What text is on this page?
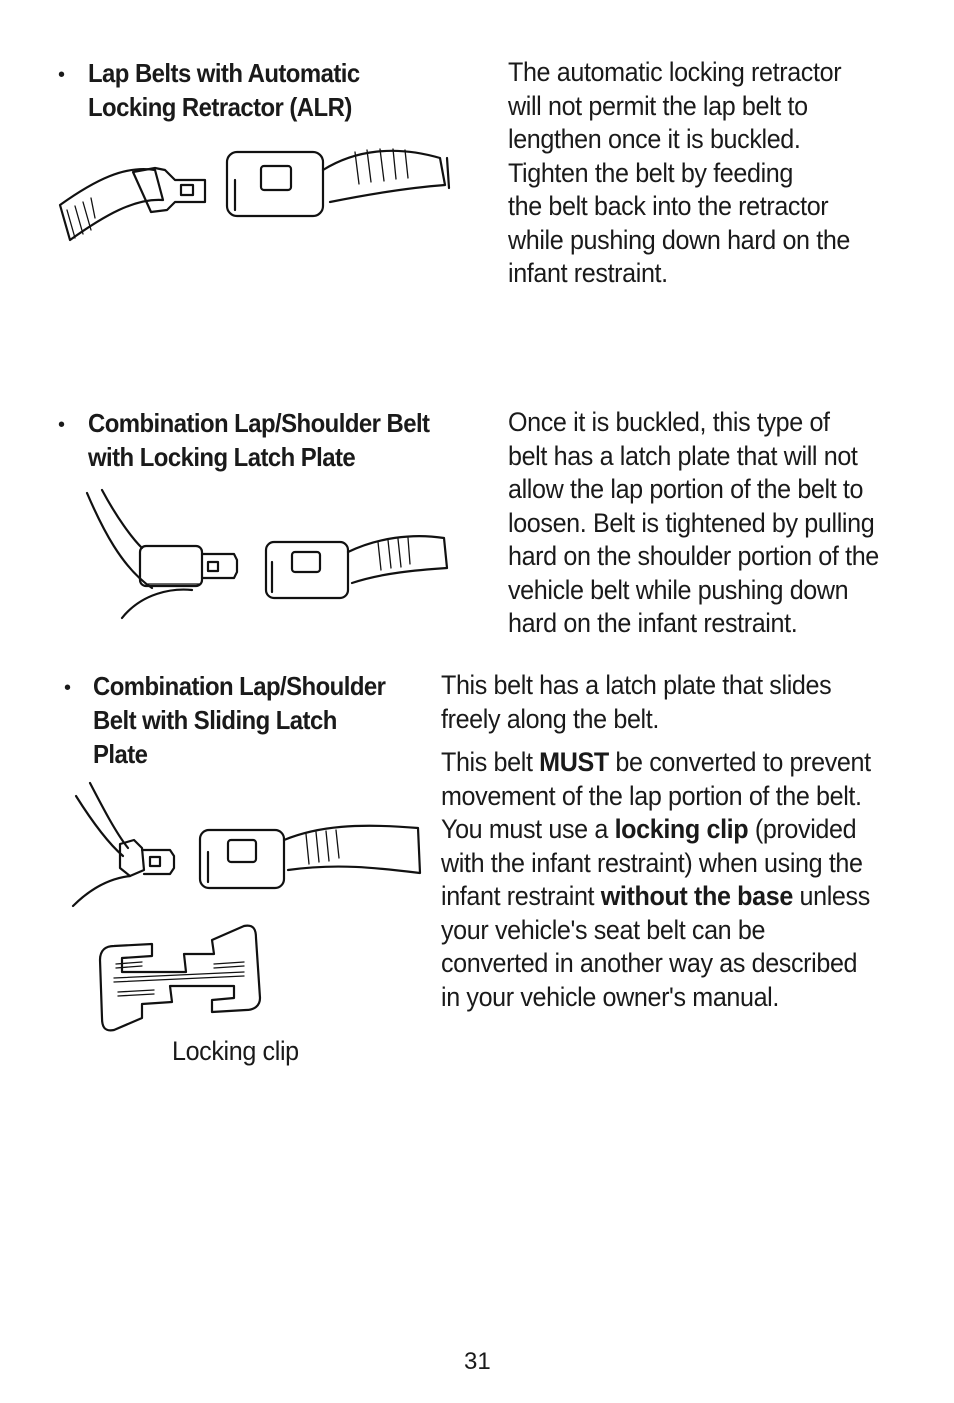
• Lap Belts with Automatic
Locking Retractor (ALR)
The automatic locking retractor
will not permit the lap belt to
lengthen once it is buckled.
Tighten the belt by feeding
the belt back into the retractor
while pushing down hard on the
infant restraint.
• Combination Lap/Shoulder Belt
with Locking Latch Plate
Once it is buckled, this type of
belt has a latch plate that will not
allow the lap portion of the belt to
loosen. Belt is tightened by pulling
hard on the shoulder portion of the
vehicle belt while pushing down
hard on the infant restraint.
• Combination Lap/Shoulder
Belt with Sliding Latch
Plate
Locking clip
This belt has a latch plate that slides
freely along the belt.
This belt MUST be converted to prevent
movement of the lap portion of the belt.
You must use a locking clip (provided
with the infant restraint) when using the
infant restraint without the base unless
your vehicle's seat belt can be
converted in another way as described
in your vehicle owner's manual.
31
